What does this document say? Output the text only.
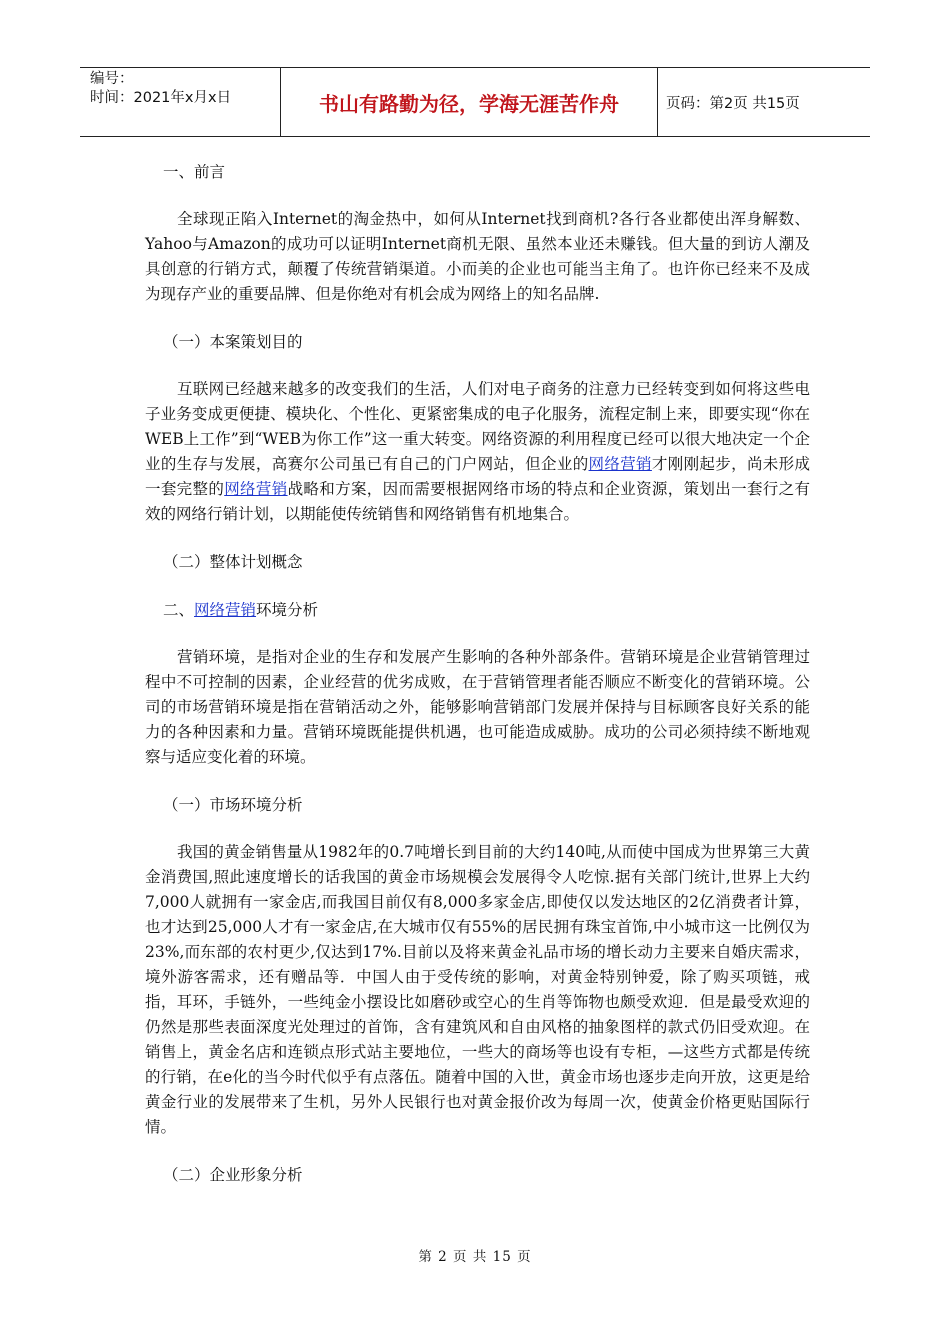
编号：
时间：2021年x月x日	书山有路勤为径，学海无涯苦作舟	页码：第2页 共15页

一、前言

全球现正陷入Internet的淘金热中，如何从Internet找到商机?各行各业都使出浑身解数、Yahoo与Amazon的成功可以证明Internet商机无限、虽然本业还未赚钱。但大量的到访人潮及具创意的行销方式，颠覆了传统营销渠道。小而美的企业也可能当主角了。也许你已经来不及成为现存产业的重要品牌、但是你绝对有机会成为网络上的知名品牌.

（一）本案策划目的

互联网已经越来越多的改变我们的生活，人们对电子商务的注意力已经转变到如何将这些电子业务变成更便捷、模块化、个性化、更紧密集成的电子化服务，流程定制上来，即要实现“你在WEB上工作”到“WEB为你工作”这一重大转变。网络资源的利用程度已经可以很大地决定一个企业的生存与发展，高赛尔公司虽已有自己的门户网站，但企业的网络营销才刚刚起步，尚未形成一套完整的网络营销战略和方案，因而需要根据网络市场的特点和企业资源，策划出一套行之有效的网络行销计划，以期能使传统销售和网络销售有机地集合。

（二）整体计划概念

二、网络营销环境分析

营销环境，是指对企业的生存和发展产生影响的各种外部条件。营销环境是企业营销管理过程中不可控制的因素，企业经营的优劣成败，在于营销管理者能否顺应不断变化的营销环境。公司的市场营销环境是指在营销活动之外，能够影响营销部门发展并保持与目标顾客良好关系的能力的各种因素和力量。营销环境既能提供机遇，也可能造成威胁。成功的公司必须持续不断地观察与适应变化着的环境。

（一）市场环境分析

我国的黄金销售量从1982年的0.7吨增长到目前的大约140吨,从而使中国成为世界第三大黄金消费国,照此速度增长的话我国的黄金市场规模会发展得令人吃惊.据有关部门统计,世界上大约7,000人就拥有一家金店,而我国目前仅有8,000多家金店,即使仅以发达地区的2亿消费者计算，也才达到25,000人才有一家金店,在大城市仅有55%的居民拥有珠宝首饰,中小城市这一比例仅为23%,而东部的农村更少,仅达到17%.目前以及将来黄金礼品市场的增长动力主要来自婚庆需求，境外游客需求，还有赠品等．中国人由于受传统的影响，对黄金特别钟爱，除了购买项链，戒指，耳环，手链外，一些纯金小摆设比如磨砂或空心的生肖等饰物也颇受欢迎．但是最受欢迎的仍然是那些表面深度光处理过的首饰，含有建筑风和自由风格的抽象图样的款式仍旧受欢迎。在销售上，黄金名店和连锁点形式站主要地位，一些大的商场等也设有专柜，—这些方式都是传统的行销，在e化的当今时代似乎有点落伍。随着中国的入世，黄金市场也逐步走向开放，这更是给黄金行业的发展带来了生机，另外人民银行也对黄金报价改为每周一次，使黄金价格更贴国际行情。

（二）企业形象分析

第 2 页 共 15 页
